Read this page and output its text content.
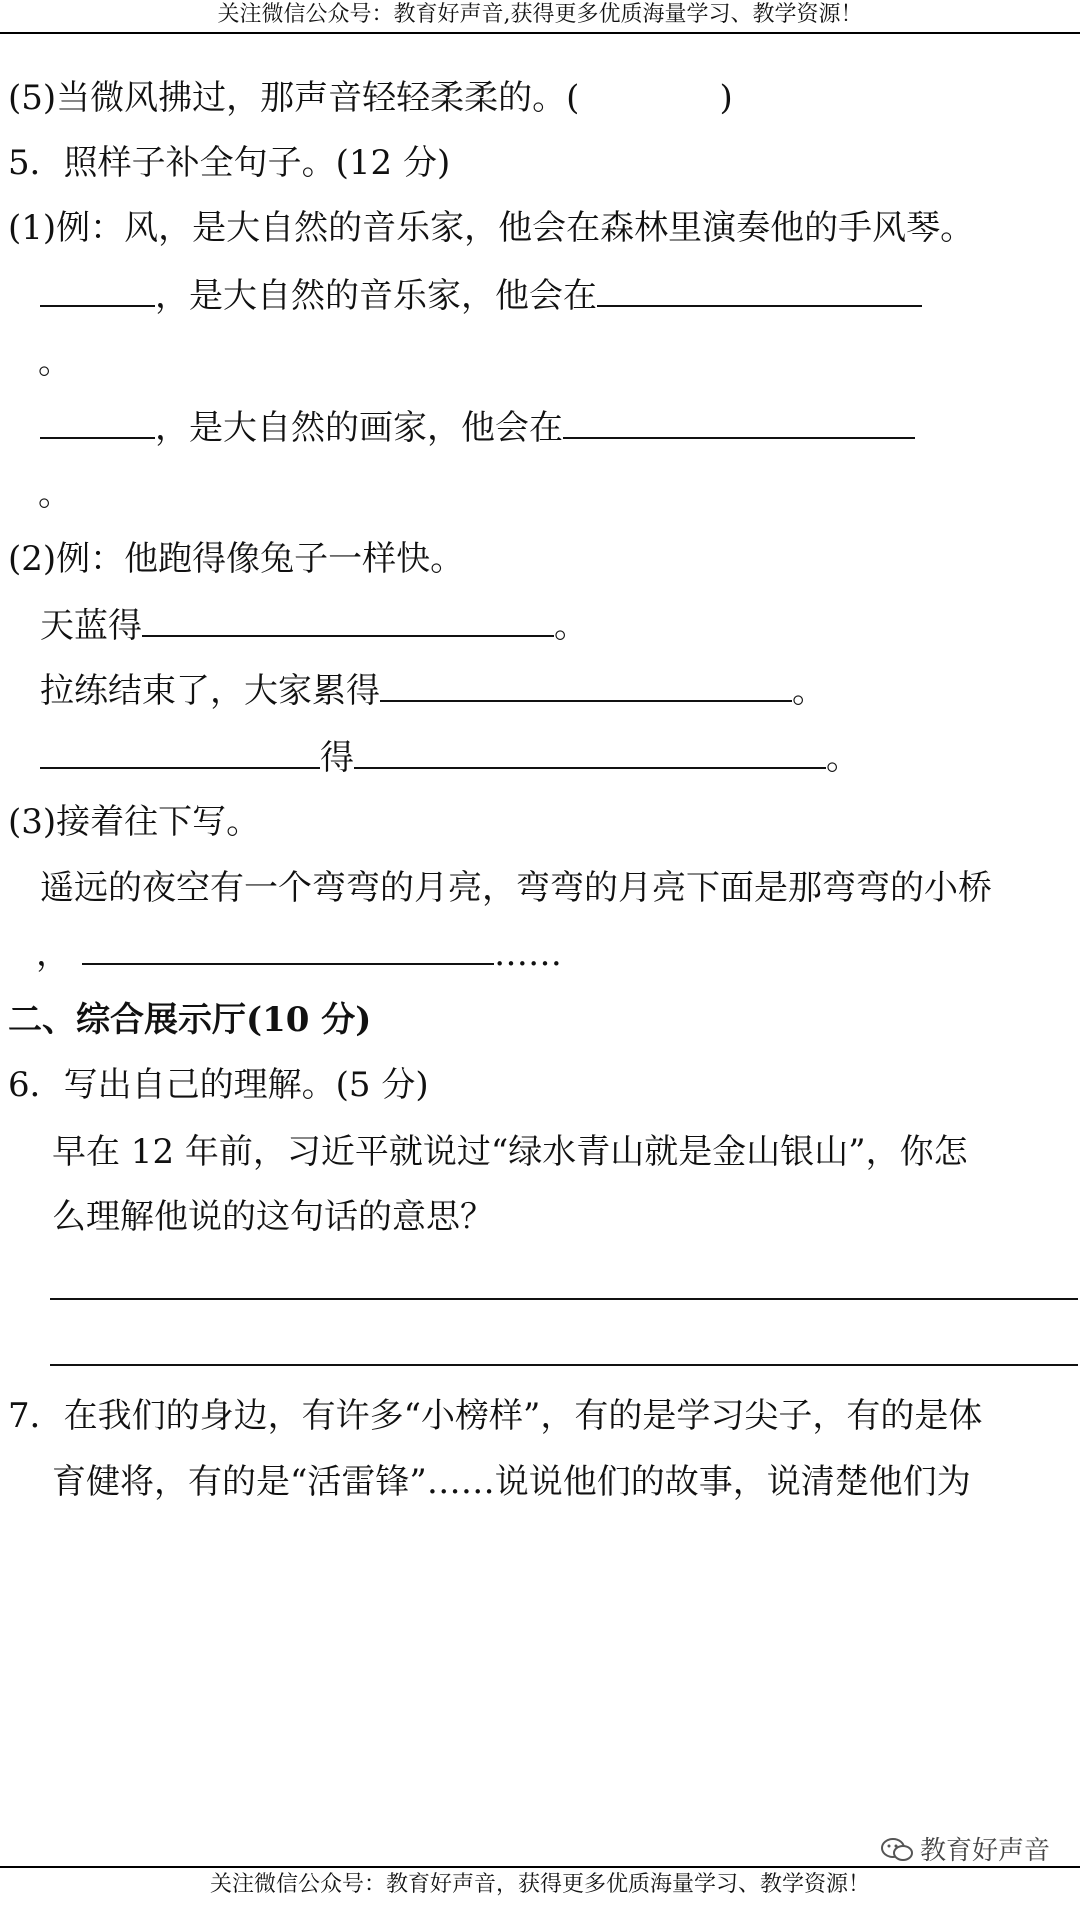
关注微信公众号：教育好声音,获得更多优质海量学习、教学资源！
(5)当微风拂过，那声音轻轻柔柔的。(	)
5．照样子补全句子。(12 分)
(1)例：风，是大自然的音乐家，他会在森林里演奏他的手风琴。
，是大自然的音乐家，他会在
。
，是大自然的画家，他会在
。
(2)例：他跑得像兔子一样快。
天蓝得	。
拉练结束了，大家累得	。
得	。
(3)接着往下写。
遥远的夜空有一个弯弯的月亮，弯弯的月亮下面是那弯弯的小桥
，	……
二、综合展示厅(10 分)
6．写出自己的理解。(5 分)
早在 12 年前，习近平就说过“绿水青山就是金山银山”，你怎
么理解他说的这句话的意思？
7．在我们的身边，有许多“小榜样”，有的是学习尖子，有的是体
育健将，有的是“活雷锋”……说说他们的故事，说清楚他们为
教育好声音
关注微信公众号：教育好声音，获得更多优质海量学习、教学资源！
